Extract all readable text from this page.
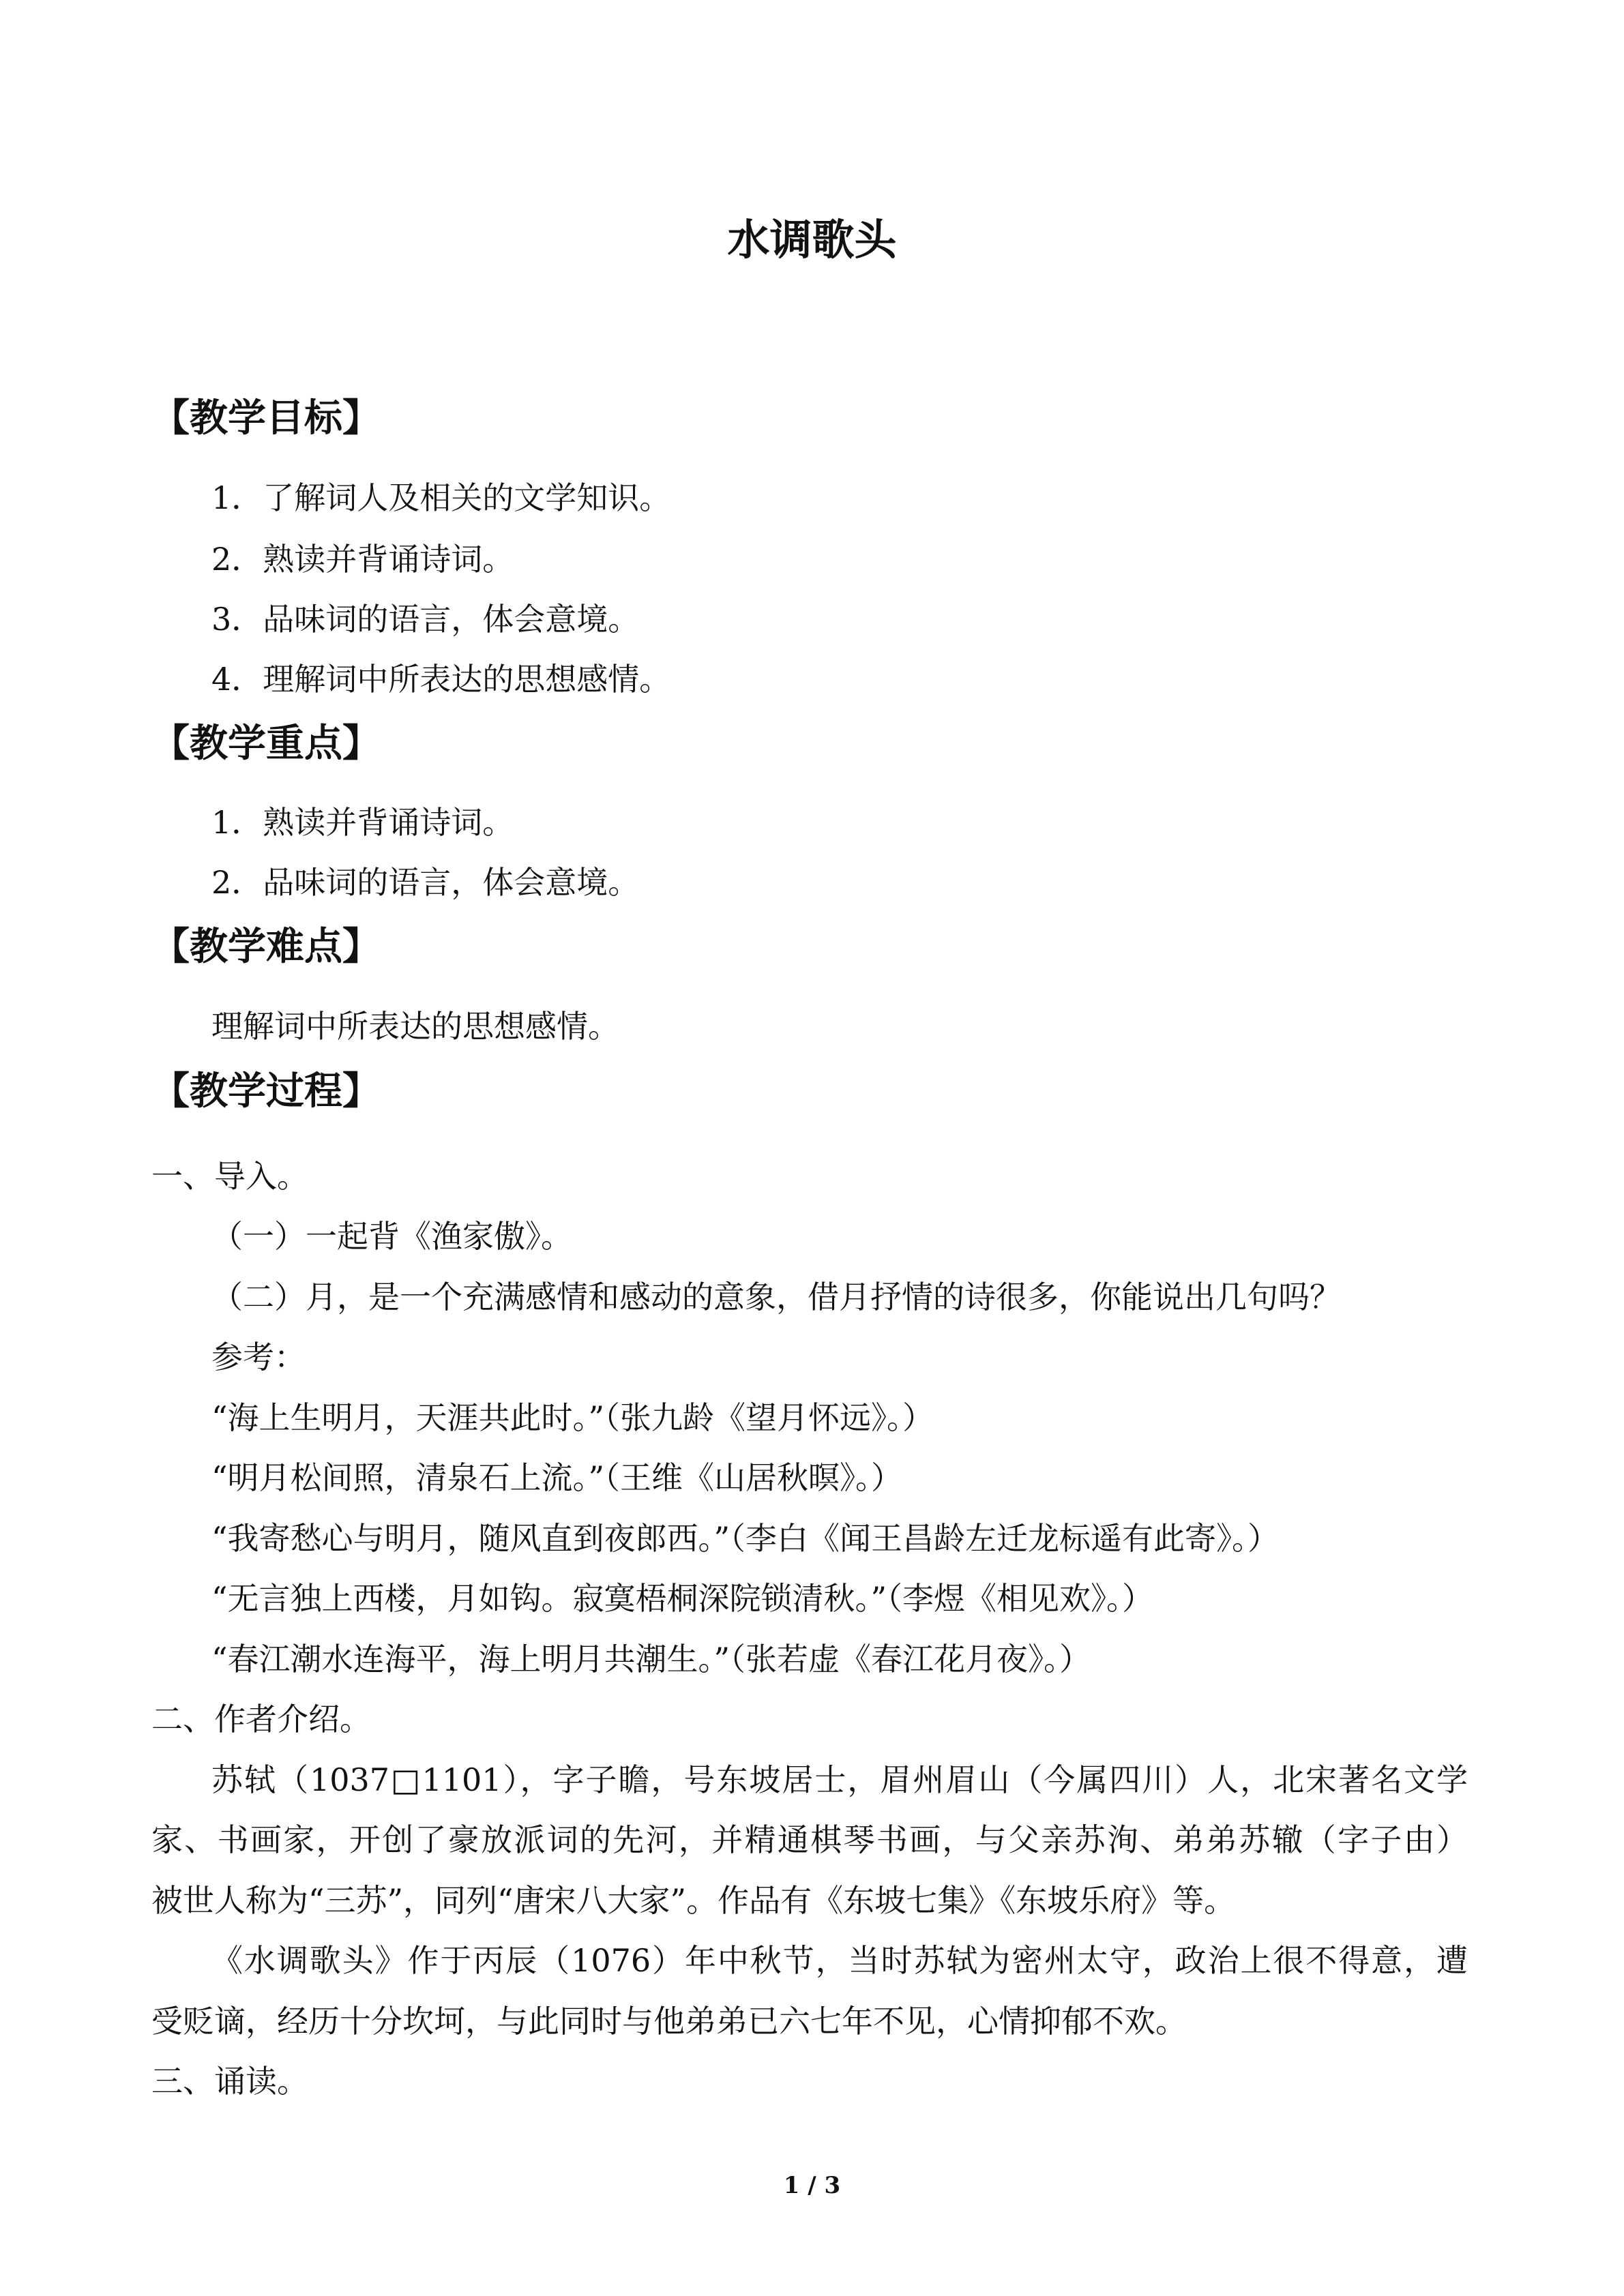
水调歌头
【教学目标】
1．了解词人及相关的文学知识。
2．熟读并背诵诗词。
3．品味词的语言，体会意境。
4．理解词中所表达的思想感情。
【教学重点】
1．熟读并背诵诗词。
2．品味词的语言，体会意境。
【教学难点】
理解词中所表达的思想感情。
【教学过程】
一、导入。
（一）一起背《渔家傲》。
（二）月，是一个充满感情和感动的意象，借月抒情的诗很多，你能说出几句吗？
参考：
“海上生明月，天涯共此时。”（张九龄《望月怀远》。）
“明月松间照，清泉石上流。”（王维《山居秋暝》。）
“我寄愁心与明月，随风直到夜郎西。”（李白《闻王昌龄左迁龙标遥有此寄》。）
“无言独上西楼，月如钩。寂寞梧桐深院锁清秋。”（李煜《相见欢》。）
“春江潮水连海平，海上明月共潮生。”（张若虚《春江花月夜》。）
二、作者介绍。
苏轼（1037□1101），字子瞻，号东坡居士，眉州眉山（今属四川）人，北宋著名文学
家、书画家，开创了豪放派词的先河，并精通棋琴书画，与父亲苏洵、弟弟苏辙（字子由）
被世人称为“三苏”，同列“唐宋八大家”。作品有《东坡七集》《东坡乐府》等。
《水调歌头》作于丙辰（1076）年中秋节，当时苏轼为密州太守，政治上很不得意，遭
受贬谪，经历十分坎坷，与此同时与他弟弟已六七年不见，心情抑郁不欢。
三、诵读。
1 / 3
